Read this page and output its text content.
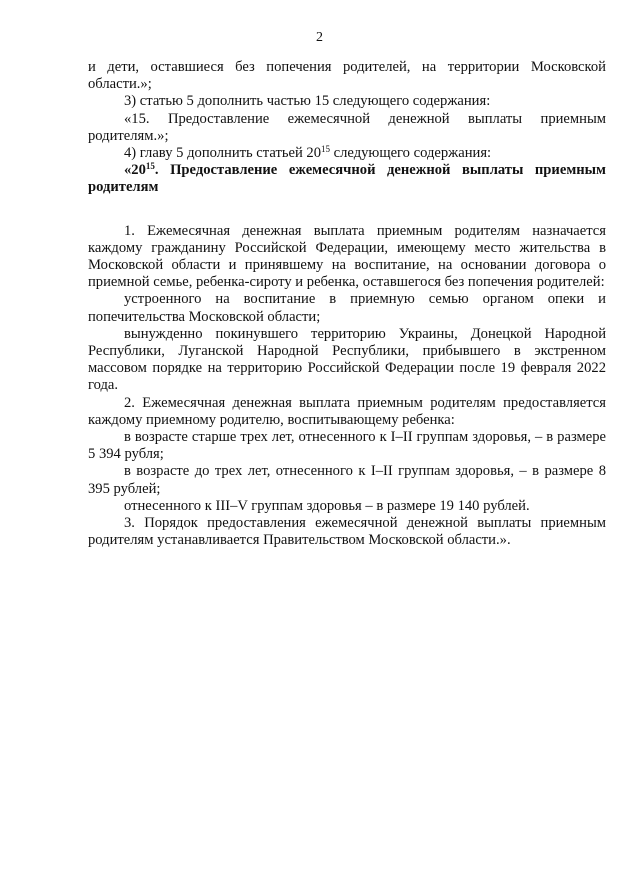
2

и дети, оставшиеся без попечения родителей, на территории Московской области.»;

3) статью 5 дополнить частью 15 следующего содержания:

«15. Предоставление ежемесячной денежной выплаты приемным родителям.»;

4) главу 5 дополнить статьей $20^{15}$ следующего содержания:

«$20^{15}$. Предоставление ежемесячной денежной выплаты приемным родителям

1. Ежемесячная денежная выплата приемным родителям назначается каждому гражданину Российской Федерации, имеющему место жительства в Московской области и принявшему на воспитание, на основании договора о приемной семье, ребенка-сироту и ребенка, оставшегося без попечения родителей:

устроенного на воспитание в приемную семью органом опеки и попечительства Московской области;

вынужденно покинувшего территорию Украины, Донецкой Народной Республики, Луганской Народной Республики, прибывшего в экстренном массовом порядке на территорию Российской Федерации после 19 февраля 2022 года.

2. Ежемесячная денежная выплата приемным родителям предоставляется каждому приемному родителю, воспитывающему ребенка:

в возрасте старше трех лет, отнесенного к I–II группам здоровья, – в размере 5 394 рубля;

в возрасте до трех лет, отнесенного к I–II группам здоровья, – в размере 8 395 рублей;

отнесенного к III–V группам здоровья – в размере 19 140 рублей.

3. Порядок предоставления ежемесячной денежной выплаты приемным родителям устанавливается Правительством Московской области.».
